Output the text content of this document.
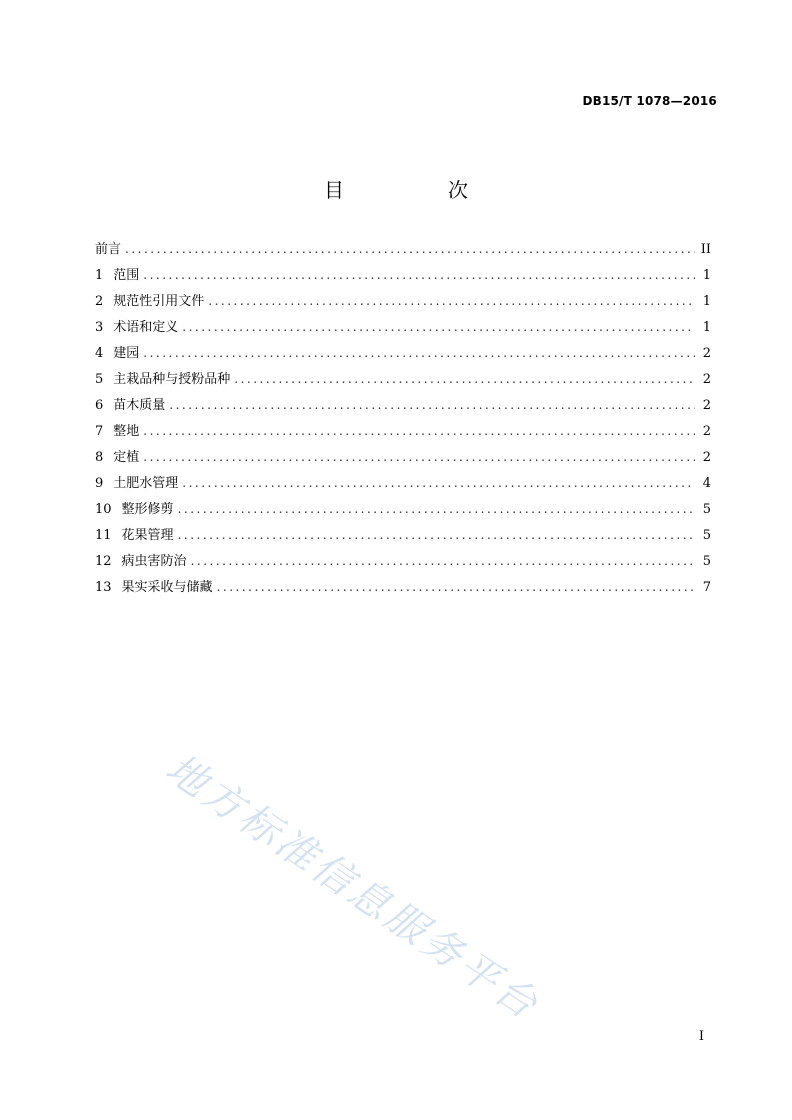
DB15/T 1078—2016
目　次
前言 .....	II
1 范围 .....	1
2 规范性引用文件 .....	1
3 术语和定义 .....	1
4 建园 .....	2
5 主栽品种与授粉品种 .....	2
6 苗木质量 .....	2
7 整地 .....	2
8 定植 .....	2
9 土肥水管理 .....	4
10 整形修剪 .....	5
11 花果管理 .....	5
12 病虫害防治 .....	5
13 果实采收与储藏 .....	7
地方标准信息服务平台
I
